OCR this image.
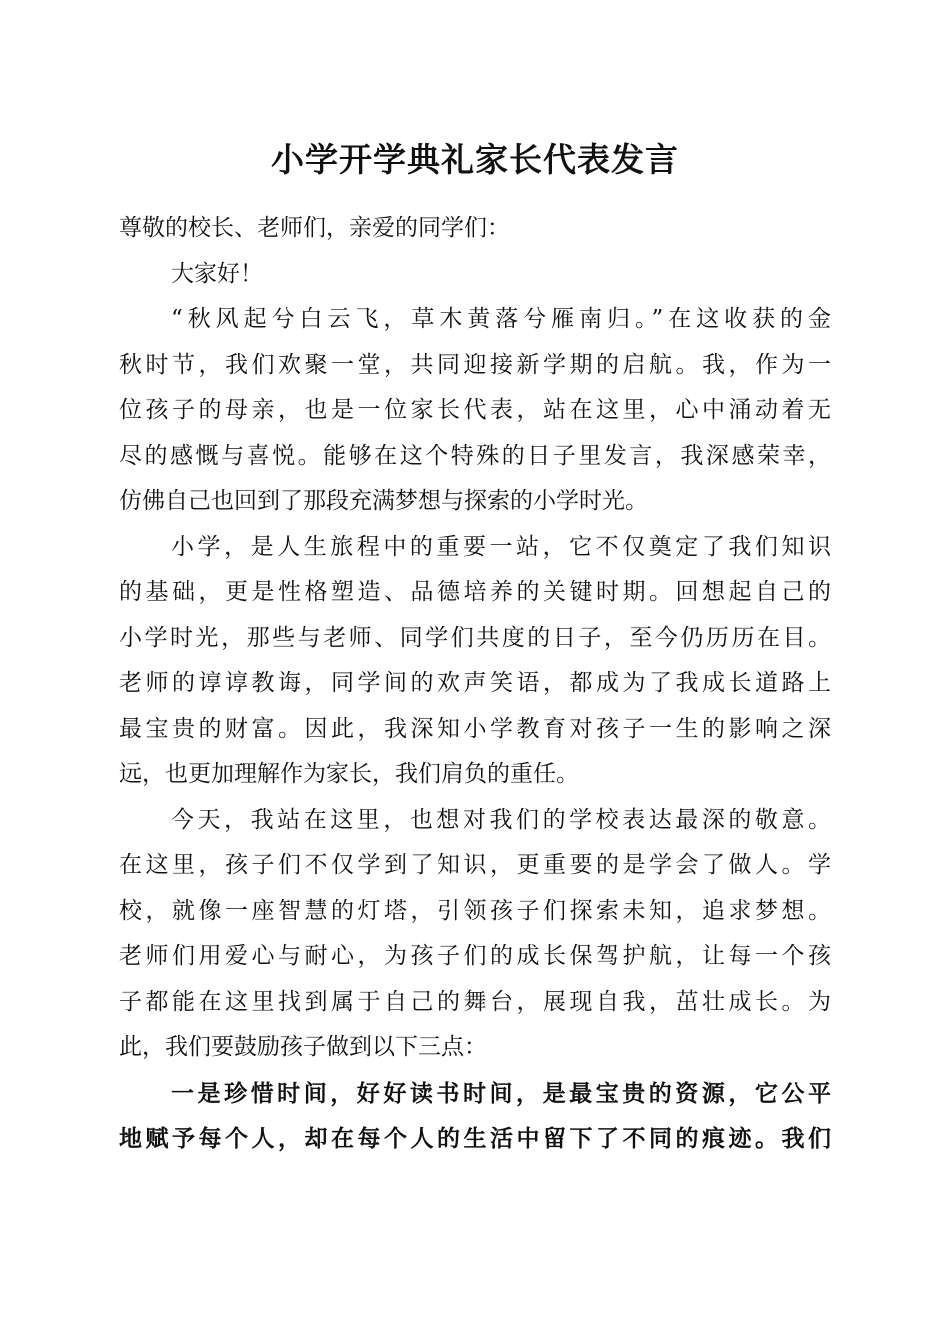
小学开学典礼家长代表发言
尊敬的校长、老师们，亲爱的同学们：
大家好！
“秋风起兮白云飞，草木黄落兮雁南归。”在这收获的金
秋时节，我们欢聚一堂，共同迎接新学期的启航。我，作为一
位孩子的母亲，也是一位家长代表，站在这里，心中涌动着无
尽的感慨与喜悦。能够在这个特殊的日子里发言，我深感荣幸，
仿佛自己也回到了那段充满梦想与探索的小学时光。
小学，是人生旅程中的重要一站，它不仅奠定了我们知识
的基础，更是性格塑造、品德培养的关键时期。回想起自己的
小学时光，那些与老师、同学们共度的日子，至今仍历历在目。
老师的谆谆教诲，同学间的欢声笑语，都成为了我成长道路上
最宝贵的财富。因此，我深知小学教育对孩子一生的影响之深
远，也更加理解作为家长，我们肩负的重任。
今天，我站在这里，也想对我们的学校表达最深的敬意。
在这里，孩子们不仅学到了知识，更重要的是学会了做人。学
校，就像一座智慧的灯塔，引领孩子们探索未知，追求梦想。
老师们用爱心与耐心，为孩子们的成长保驾护航，让每一个孩
子都能在这里找到属于自己的舞台，展现自我，茁壮成长。为
此，我们要鼓励孩子做到以下三点：
一是珍惜时间，好好读书时间，是最宝贵的资源，它公平
地赋予每个人，却在每个人的生活中留下了不同的痕迹。我们
